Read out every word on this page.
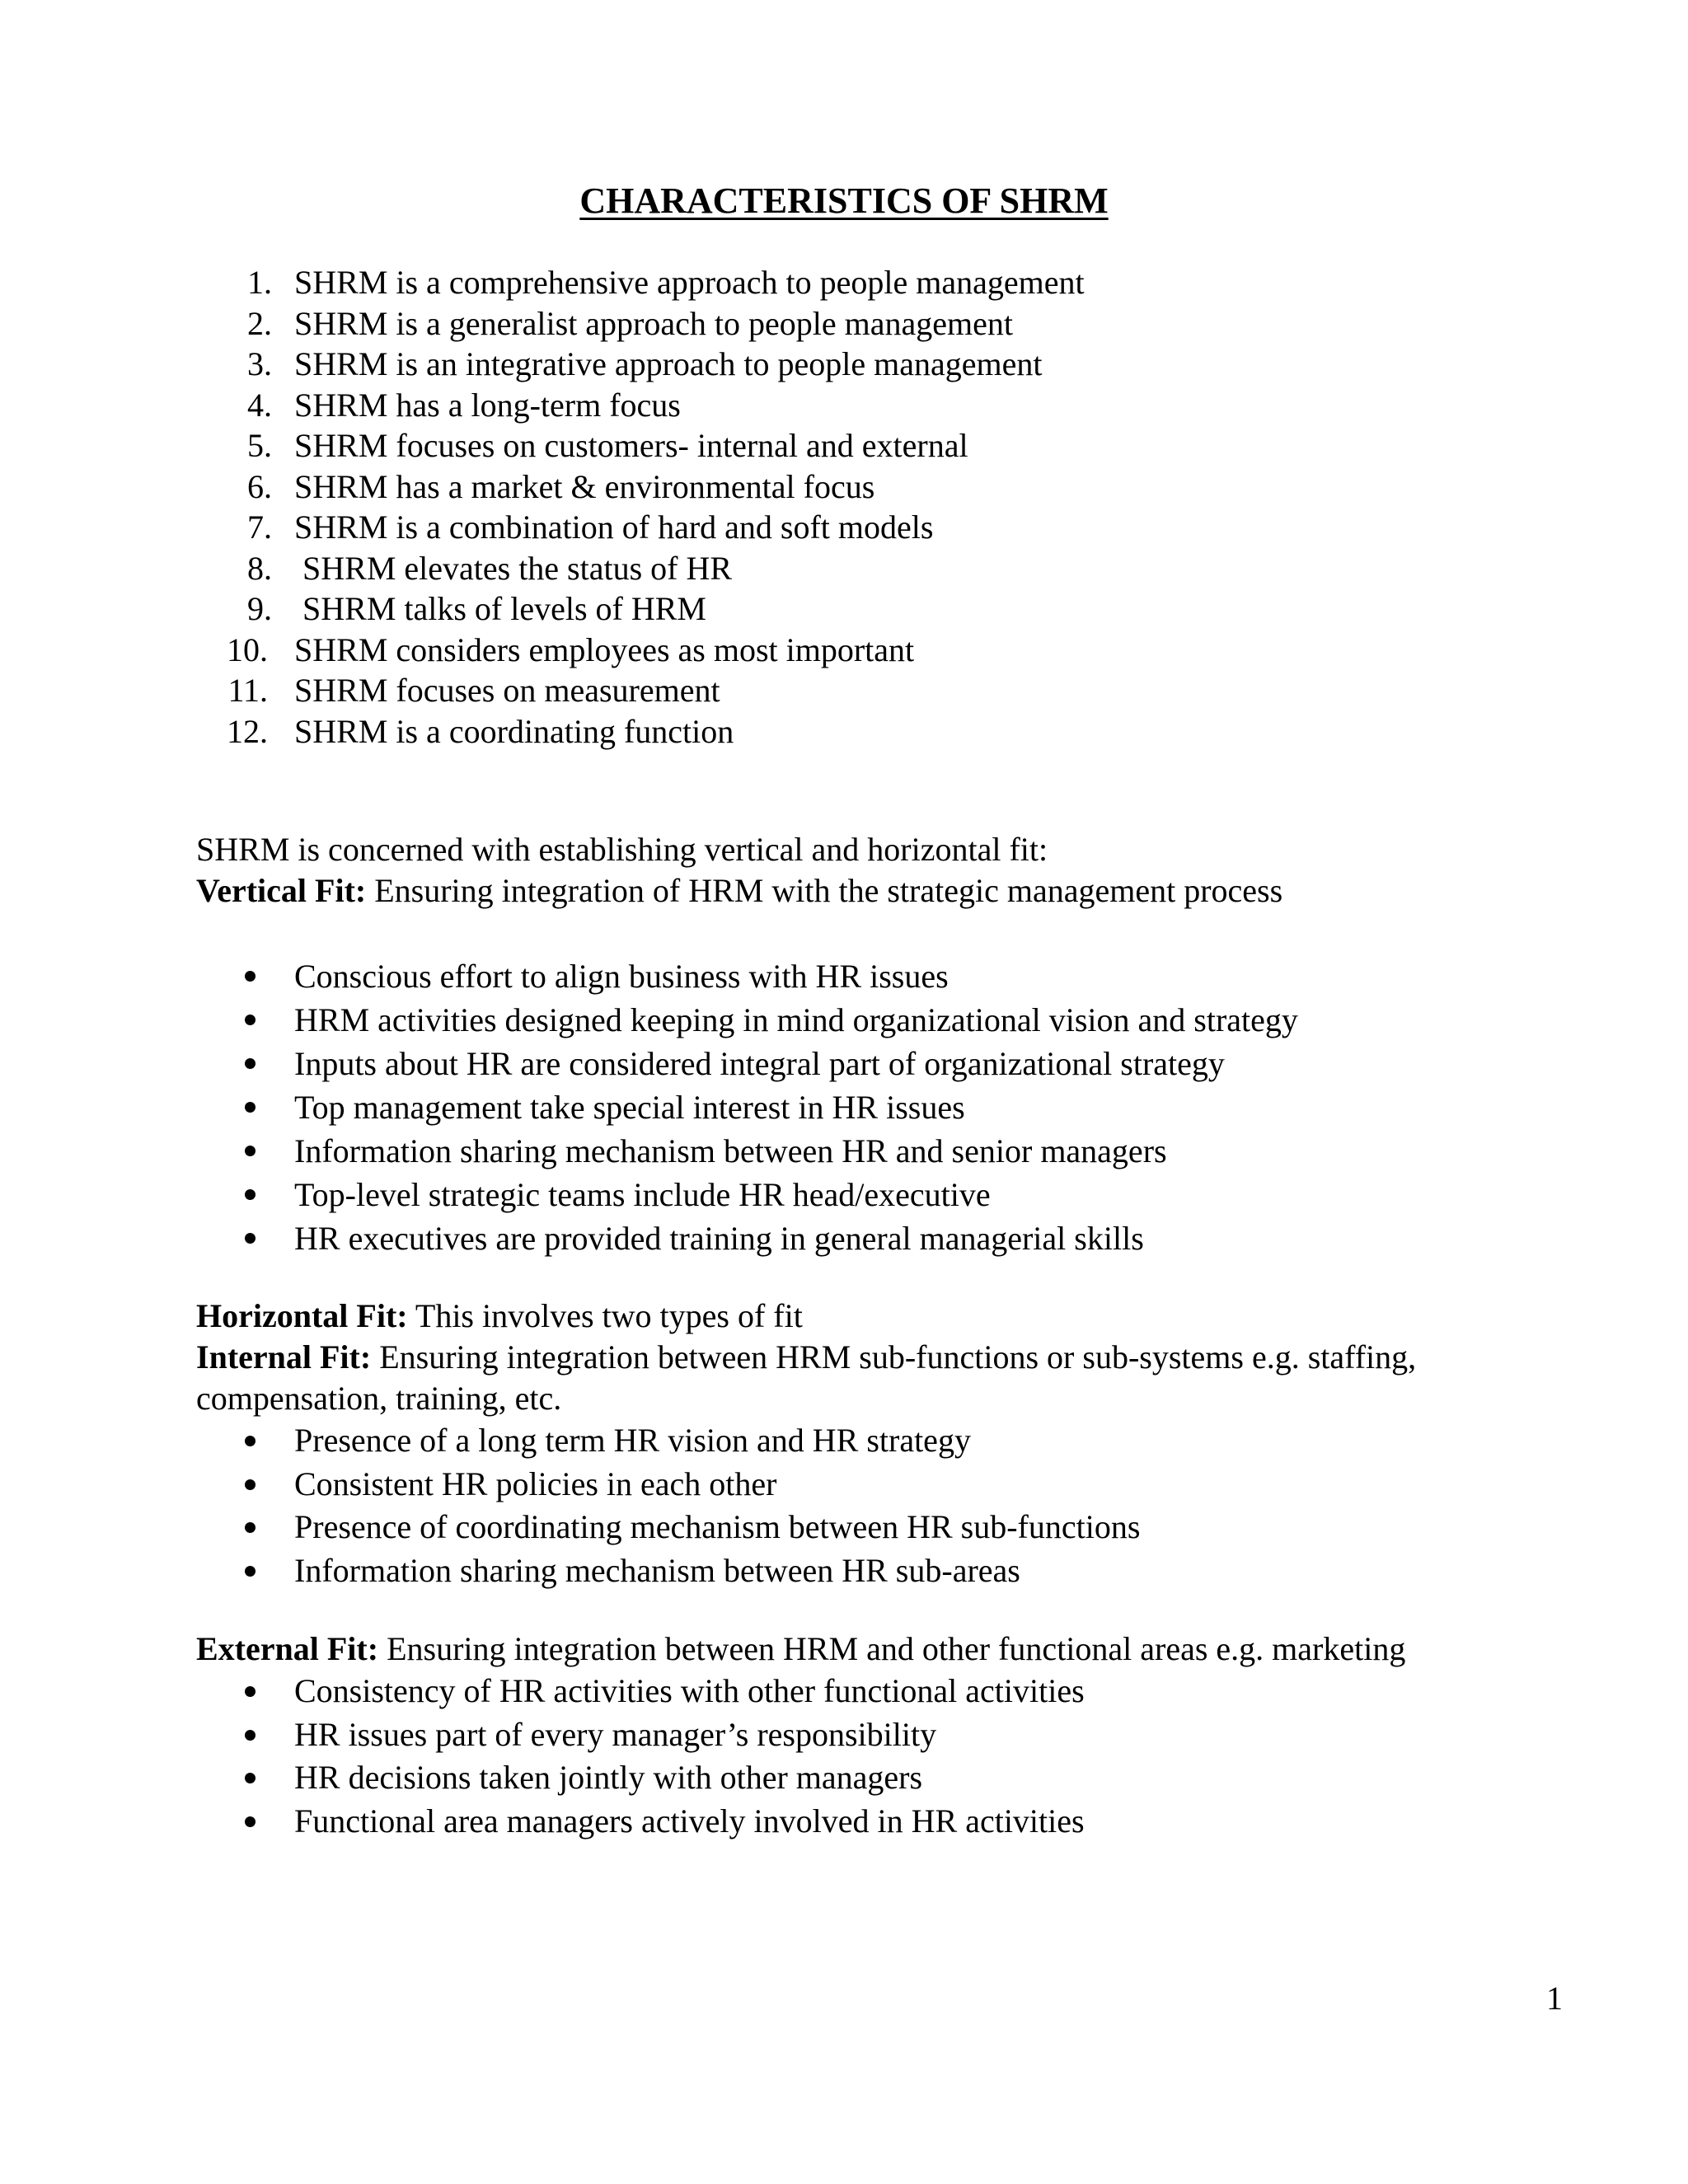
CHARACTERISTICS OF SHRM
1. SHRM is a comprehensive approach to people management
2. SHRM is a generalist approach to people management
3. SHRM is an integrative approach to people management
4. SHRM has a long-term focus
5. SHRM focuses on customers- internal and external
6. SHRM has a market & environmental focus
7. SHRM is a combination of hard and soft models
8. SHRM elevates the status of HR
9. SHRM talks of levels of HRM
10. SHRM considers employees as most important
11. SHRM focuses on measurement
12. SHRM is a coordinating function
SHRM is concerned with establishing vertical and horizontal fit:
Vertical Fit: Ensuring integration of HRM with the strategic management process
Conscious effort to align business with HR issues
HRM activities designed keeping in mind organizational vision and strategy
Inputs about HR are considered integral part of organizational strategy
Top management take special interest in HR issues
Information sharing mechanism between HR and senior managers
Top-level strategic teams include HR head/executive
HR executives are provided training in general managerial skills
Horizontal Fit: This involves two types of fit
Internal Fit: Ensuring integration between HRM sub-functions or sub-systems e.g. staffing,
compensation, training, etc.
Presence of a long term HR vision and HR strategy
Consistent HR policies in each other
Presence of coordinating mechanism between HR sub-functions
Information sharing mechanism between HR sub-areas
External Fit: Ensuring integration between HRM and other functional areas e.g. marketing
Consistency of HR activities with other functional activities
HR issues part of every manager’s responsibility
HR decisions taken jointly with other managers
Functional area managers actively involved in HR activities
1
